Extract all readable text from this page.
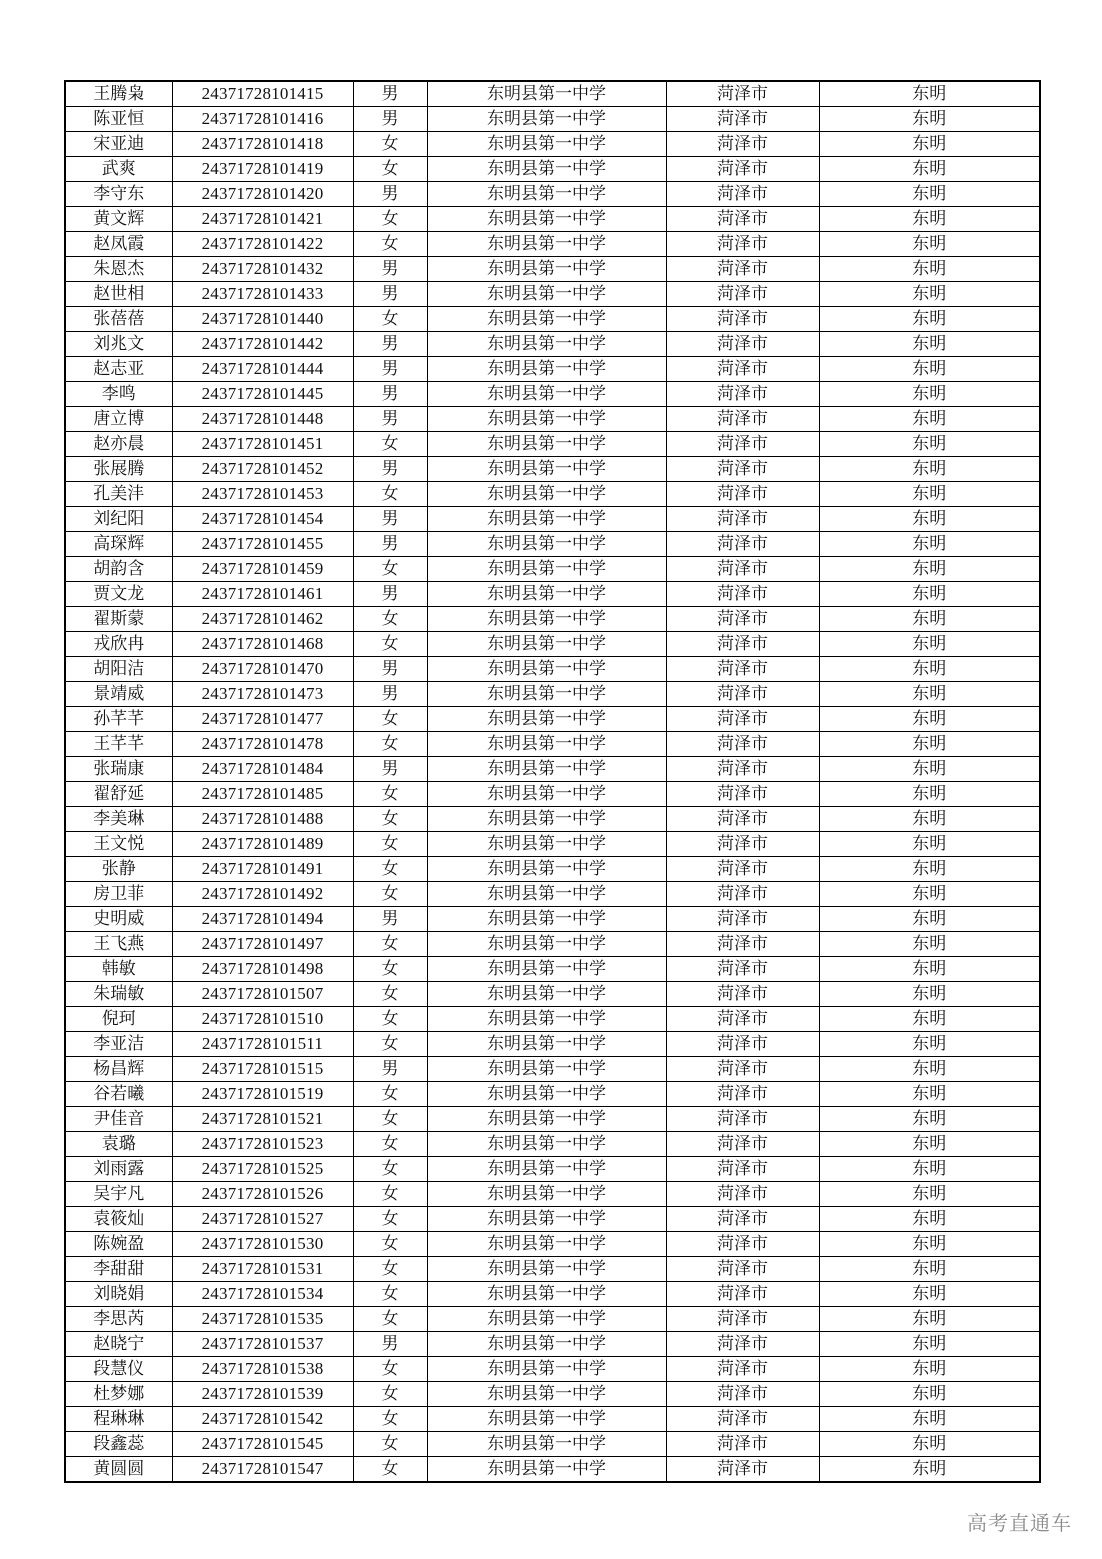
王腾枭	24371728101415	男	东明县第一中学	菏泽市	东明
陈亚恒	24371728101416	男	东明县第一中学	菏泽市	东明
宋亚迪	24371728101418	女	东明县第一中学	菏泽市	东明
武爽	24371728101419	女	东明县第一中学	菏泽市	东明
李守东	24371728101420	男	东明县第一中学	菏泽市	东明
黄文辉	24371728101421	女	东明县第一中学	菏泽市	东明
赵凤霞	24371728101422	女	东明县第一中学	菏泽市	东明
朱恩杰	24371728101432	男	东明县第一中学	菏泽市	东明
赵世相	24371728101433	男	东明县第一中学	菏泽市	东明
张蓓蓓	24371728101440	女	东明县第一中学	菏泽市	东明
刘兆文	24371728101442	男	东明县第一中学	菏泽市	东明
赵志亚	24371728101444	男	东明县第一中学	菏泽市	东明
李鸣	24371728101445	男	东明县第一中学	菏泽市	东明
唐立博	24371728101448	男	东明县第一中学	菏泽市	东明
赵亦晨	24371728101451	女	东明县第一中学	菏泽市	东明
张展腾	24371728101452	男	东明县第一中学	菏泽市	东明
孔美沣	24371728101453	女	东明县第一中学	菏泽市	东明
刘纪阳	24371728101454	男	东明县第一中学	菏泽市	东明
高琛辉	24371728101455	男	东明县第一中学	菏泽市	东明
胡韵含	24371728101459	女	东明县第一中学	菏泽市	东明
贾文龙	24371728101461	男	东明县第一中学	菏泽市	东明
翟斯蒙	24371728101462	女	东明县第一中学	菏泽市	东明
戎欣冉	24371728101468	女	东明县第一中学	菏泽市	东明
胡阳洁	24371728101470	男	东明县第一中学	菏泽市	东明
景靖威	24371728101473	男	东明县第一中学	菏泽市	东明
孙芊芊	24371728101477	女	东明县第一中学	菏泽市	东明
王芊芊	24371728101478	女	东明县第一中学	菏泽市	东明
张瑞康	24371728101484	男	东明县第一中学	菏泽市	东明
翟舒延	24371728101485	女	东明县第一中学	菏泽市	东明
李美琳	24371728101488	女	东明县第一中学	菏泽市	东明
王文悦	24371728101489	女	东明县第一中学	菏泽市	东明
张静	24371728101491	女	东明县第一中学	菏泽市	东明
房卫菲	24371728101492	女	东明县第一中学	菏泽市	东明
史明威	24371728101494	男	东明县第一中学	菏泽市	东明
王飞燕	24371728101497	女	东明县第一中学	菏泽市	东明
韩敏	24371728101498	女	东明县第一中学	菏泽市	东明
朱瑞敏	24371728101507	女	东明县第一中学	菏泽市	东明
倪珂	24371728101510	女	东明县第一中学	菏泽市	东明
李亚洁	24371728101511	女	东明县第一中学	菏泽市	东明
杨昌辉	24371728101515	男	东明县第一中学	菏泽市	东明
谷若曦	24371728101519	女	东明县第一中学	菏泽市	东明
尹佳音	24371728101521	女	东明县第一中学	菏泽市	东明
袁璐	24371728101523	女	东明县第一中学	菏泽市	东明
刘雨露	24371728101525	女	东明县第一中学	菏泽市	东明
吴宇凡	24371728101526	女	东明县第一中学	菏泽市	东明
袁筱灿	24371728101527	女	东明县第一中学	菏泽市	东明
陈婉盈	24371728101530	女	东明县第一中学	菏泽市	东明
李甜甜	24371728101531	女	东明县第一中学	菏泽市	东明
刘晓娟	24371728101534	女	东明县第一中学	菏泽市	东明
李思芮	24371728101535	女	东明县第一中学	菏泽市	东明
赵晓宁	24371728101537	男	东明县第一中学	菏泽市	东明
段慧仪	24371728101538	女	东明县第一中学	菏泽市	东明
杜梦娜	24371728101539	女	东明县第一中学	菏泽市	东明
程琳琳	24371728101542	女	东明县第一中学	菏泽市	东明
段鑫蕊	24371728101545	女	东明县第一中学	菏泽市	东明
黄圆圆	24371728101547	女	东明县第一中学	菏泽市	东明
高考直通车
